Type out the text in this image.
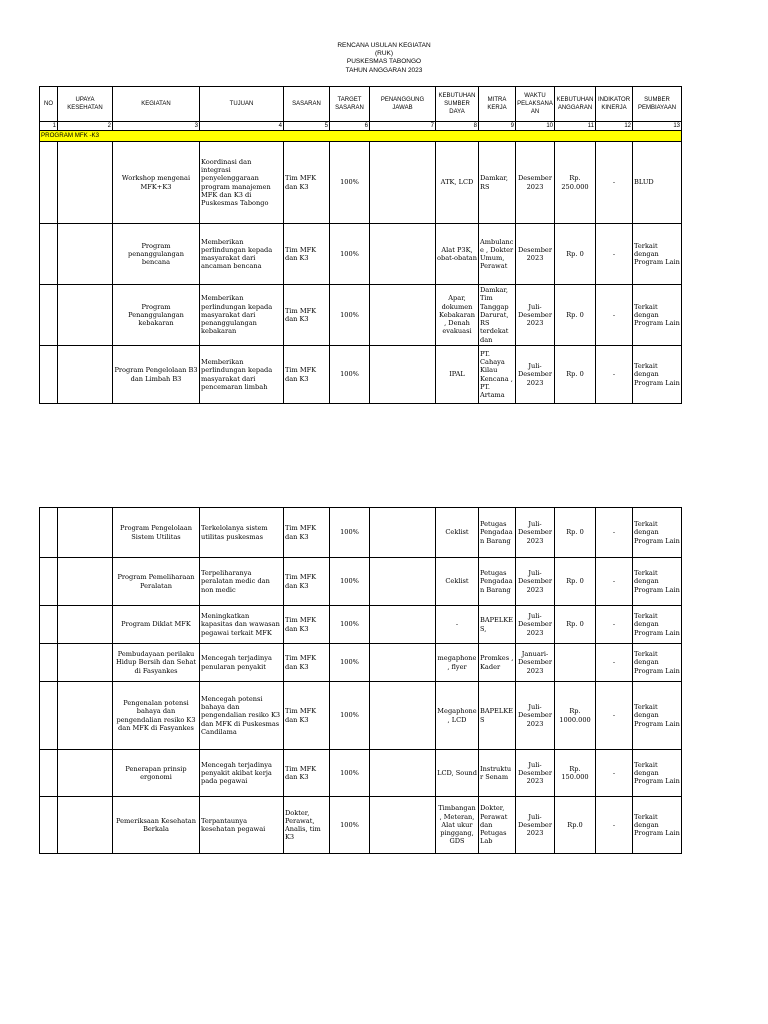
RENCANA USULAN KEGIATAN
(RUK)
PUSKESMAS TABONGO
TAHUN ANGGARAN 2023
NO	UPAYA KESEHATAN	KEGIATAN	TUJUAN	SASARAN	TARGET SASARAN	PENANGGUNG JAWAB	KEBUTUHAN SUMBER DAYA	MITRA KERJA	WAKTU PELAKSANAAN	KEBUTUHAN ANGGARAN	INDIKATOR KINERJA	SUMBER PEMBIAYAAN
1	2	3	4	5	6	7	8	9	10	11	12	13
PROGRAM MFK -K3												
		Workshop mengenai MFK+K3	Koordinasi dan integrasi penyelenggaraan program manajemen MFK dan K3 di Puskesmas Tabongo	Tim MFK dan K3	100%		ATK, LCD	Damkar, RS	Desember 2023	Rp. 250.000	-	BLUD
		Program penanggulangan bencana	Memberikan perlindungan kepada masyarakat dari ancaman bencana	Tim MFK dan K3	100%		Alat P3K, obat-obatan	Ambulance , Dokter Umum, Perawat	Desember 2023	Rp. 0	-	Terkait dengan Program Lain
		Program Penanggulangan kebakaran	Memberikan perlindungan kepada masyarakat dari penanggulangan kebakaran	Tim MFK dan K3	100%		Apar, dokumen Kebakaran , Denah evakuasi	Damkar, Tim Tanggap Darurat, RS terdekat dan	Juli-Desember 2023	Rp. 0	-	Terkait dengan Program Lain
		Program Pengelolaan B3 dan Limbah B3	Memberikan perlindungan kepada masyarakat dari pencemaran limbah	Tim MFK dan K3	100%		IPAL	PT. Cahaya Kilau Kencana , PT. Artama	Juli-Desember 2023	Rp. 0	-	Terkait dengan Program Lain
		Program Pengelolaan Sistem Utilitas	Terkelolanya sistem utilitas puskesmas	Tim MFK dan K3	100%		Ceklist	Petugas Pengadaan Barang	Juli-Desember 2023	Rp. 0	-	Terkait dengan Program Lain
		Program Pemeliharaan Peralatan	Terpeliharanya peralatan medic dan non medic	Tim MFK dan K3	100%		Ceklist	Petugas Pengadaan Barang	Juli-Desember 2023	Rp. 0	-	Terkait dengan Program Lain
		Program Diklat MFK	Meningkatkan kapasitas dan wawasan pegawai terkait MFK	Tim MFK dan K3	100%		-	BAPELKES,	Juli-Desember 2023	Rp. 0	-	Terkait dengan Program Lain
		Pembudayaan perilaku Hidup Bersih dan Sehat di Fasyankes	Mencegah terjadinya penularan penyakit	Tim MFK dan K3	100%		megaphone, flyer	Promkes , Kader	Januari-Desember 2023		-	Terkait dengan Program Lain
		Pengenalan potensi bahaya dan pengendalian resiko K3 dan MFK di Fasyankes	Mencegah potensi bahaya dan pengendalian resiko K3 dan MFK di Puskesmas Candilama	Tim MFK dan K3	100%		Megaphone, LCD	BAPELKES	Juli-Desember 2023	Rp. 1000.000	-	Terkait dengan Program Lain
		Penerapan prinsip ergonomi	Mencegah terjadinya penyakit akibat kerja pada pegawai	Tim MFK dan K3	100%		LCD, Sound	Instruktur Senam	Juli-Desember 2023	Rp. 150.000	-	Terkait dengan Program Lain
		Pemeriksaan Kesehatan Berkala	Terpantaunya kesehatan pegawai	Dokter, Perawat, Analis, tim K3	100%		Timbangan , Meteran, Alat ukur pinggang, GDS	Dokter, Perawat dan Petugas Lab	Juli-Desember 2023	Rp.0	-	Terkait dengan Program Lain
